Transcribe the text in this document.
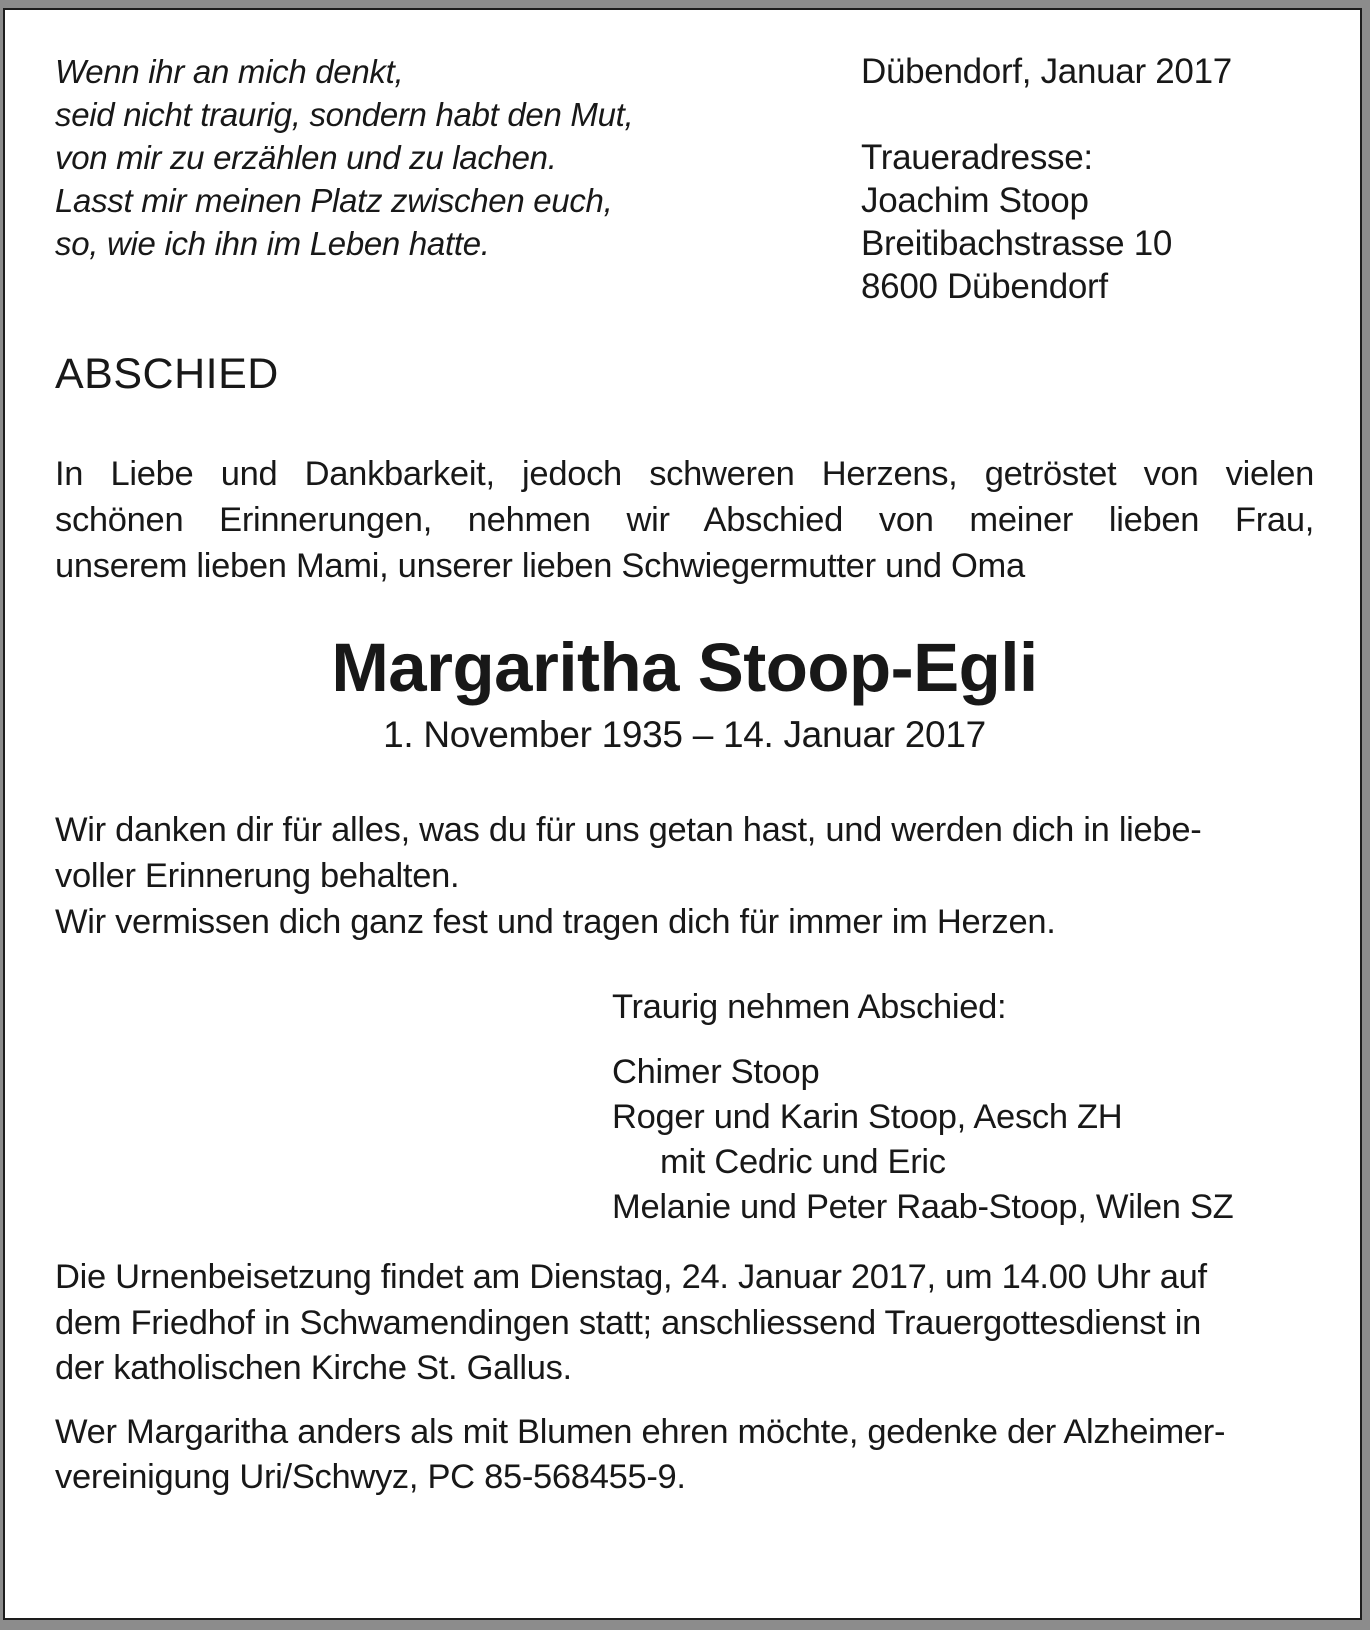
Wenn ihr an mich denkt,
seid nicht traurig, sondern habt den Mut,
von mir zu erzählen und zu lachen.
Lasst mir meinen Platz zwischen euch,
so, wie ich ihn im Leben hatte.
Dübendorf, Januar 2017
Traueradresse:
Joachim Stoop
Breitibachstrasse 10
8600 Dübendorf
ABSCHIED
In Liebe und Dankbarkeit, jedoch schweren Herzens, getröstet von vielen
schönen Erinnerungen, nehmen wir Abschied von meiner lieben Frau,
unserem lieben Mami, unserer lieben Schwiegermutter und Oma
Margaritha Stoop-Egli
1. November 1935 – 14. Januar 2017
Wir danken dir für alles, was du für uns getan hast, und werden dich in liebe-
voller Erinnerung behalten.
Wir vermissen dich ganz fest und tragen dich für immer im Herzen.
Traurig nehmen Abschied:
Chimer Stoop
Roger und Karin Stoop, Aesch ZH
mit Cedric und Eric
Melanie und Peter Raab-Stoop, Wilen SZ
Die Urnenbeisetzung findet am Dienstag, 24. Januar 2017, um 14.00 Uhr auf
dem Friedhof in Schwamendingen statt; anschliessend Trauergottesdienst in
der katholischen Kirche St. Gallus.
Wer Margaritha anders als mit Blumen ehren möchte, gedenke der Alzheimer-
vereinigung Uri/Schwyz, PC 85-568455-9.
